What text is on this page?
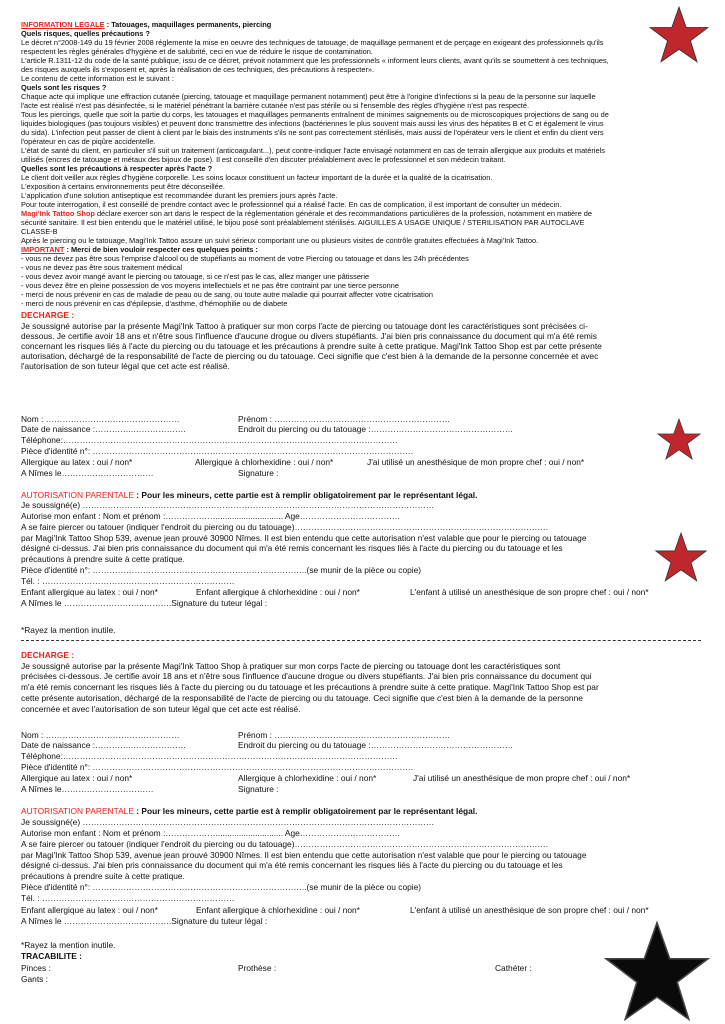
INFORMATION LEGALE : Tatouages, maquillages permanents, piercing
Quels risques, quelles précautions ?
Le décret n°2008-149 du 19 février 2008 réglemente la mise en oeuvre des techniques de tatouage, de maquillage permanent et de perçage en exigeant des professionnels qu'ils
respectent les règles générales d'hygiène et de salubrité, ceci en vue de réduire le risque de contamination.
L'article R.1311-12 du code de la santé publique, issu de ce décret, prévoit notamment que les professionnels « informent leurs clients, avant qu'ils se soumettent à ces techniques,
des risques auxquels ils s'exposent et, après la réalisation de ces techniques, des précautions à respecter».
Le contenu de cette information est le suivant :
Quels sont les risques ?
Chaque acte qui implique une effraction cutanée (piercing, tatouage et maquillage permanent notamment) peut être à l'origine d'infections si la peau de la personne sur laquelle
l'acte est réalisé n'est pas désinfectée, si le matériel pénétrant la barrière cutanée n'est pas stérile ou si l'ensemble des règles d'hygiène n'est pas respecté.
Tous les piercings, quelle que soit la partie du corps, les tatouages et maquillages permanents entraînent de minimes saignements ou de microscopiques projections de sang ou de
liquides biologiques (pas toujours visibles) et peuvent donc transmettre des infections (bactériennes le plus souvent mais aussi les virus des hépatites B et C et également le virus
du sida). L'infection peut passer de client à client par le biais des instruments s'ils ne sont pas correctement stérilisés, mais aussi de l'opérateur vers le client et enfin du client vers
l'opérateur en cas de piqûre accidentelle.
L'état de santé du client, en particulier s'il suit un traitement (anticoagulant...), peut contre-indiquer l'acte envisagé notamment en cas de terrain allergique aux produits et matériels
utilisés (encres de tatouage et métaux des bijoux de pose). Il est conseillé d'en discuter préalablement avec le professionnel et son médecin traitant.
Quelles sont les précautions à respecter après l'acte ?
Le client doit veiller aux règles d'hygiène corporelle. Les soins locaux constituent un facteur important de la durée et la qualité de la cicatrisation.
L'exposition à certains environnements peut être déconseillée.
L'application d'une solution antiseptique est recommandée durant les premiers jours après l'acte.
Pour toute interrogation, il est conseillé de prendre contact avec le professionnel qui a réalisé l'acte. En cas de complication, il est important de consulter un médecin.
Magi'Ink Tattoo Shop déclare exercer son art dans le respect de la réglementation générale et des recommandations particulières de la profession, notamment en matière de
sécurité sanitaire. Il est bien entendu que le matériel utilisé, le bijou posé sont préalablement stérilisés. AIGUILLES A USAGE UNIQUE / STERILISATION PAR AUTOCLAVE
CLASSE-B
Après le piercing ou le tatouage, Magi'Ink Tattoo assure un suivi sérieux comportant une ou plusieurs visites de contrôle gratuites effectuées à Magi'Ink Tattoo.
IMPORTANT : Merci de bien vouloir respecter ces quelques points :
- vous ne devez pas être sous l'emprise d'alcool ou de stupéfiants au moment de votre Piercing ou tatouage et dans les 24h précédentes
- vous ne devez pas être sous traitement médical
- vous devez avoir mangé avant le piercing ou tatouage, si ce n'est pas le cas, allez manger une pâtisserie
- vous devez être en pleine possession de vos moyens intellectuels et ne pas être contraint par une tierce personne
- merci de nous prévenir en cas de maladie de peau ou de sang, ou toute autre maladie qui pourrait affecter votre cicatrisation
- merci de nous prévenir en cas d'épilepsie, d'asthme, d'hémophilie ou de diabete
DECHARGE :
Je soussigné autorise par la présente Magi'Ink Tattoo à pratiquer sur mon corps l'acte de piercing ou tatouage dont les caractéristiques sont précisées ci-
dessous. Je certifie avoir 18 ans et n'être sous l'influence d'aucune drogue ou divers stupéfiants. J'ai bien pris connaissance du document qui m'a été remis
concernant les risques liés à l'acte du piercing ou du tatouage et les précautions à prendre suite à cette pratique. Magi'Ink Tattoo Shop est par cette présente
autorisation, déchargé de la responsabilité de l'acte de piercing ou du tatouage. Ceci signifie que c'est bien à la demande de la personne concernée et avec
l'autorisation de son tuteur légal que cet acte est réalisé.
Nom : …………………………………………	Prénom : ………………………………………………………
Date de naissance :…………..……………….	Endroit du piercing ou du tatouage :……………………………………………
Téléphone:…………………………………………………………………………………………………………
Pièce d'identité n°: …………………………………………………………………………………………………….
Allergique au latex : oui / non*	Allergique à chlorhexidine : oui / non*	J'ai utilisé un anesthésique de mon propre chef : oui / non*
A Nîmes le……………………………	Signature :
AUTORISATION PARENTALE : Pour les mineurs, cette partie est à remplir obligatoirement par le représentant légal.
Je soussigné(e) ………………………………………………………………………………………………………………
Autorise mon enfant : Nom et prénom :………………............................. Age………………………………
A se faire piercer ou tatouer (indiquer l'endroit du piercing ou du tatouage)……………………………………………………………………………….
par Magi'Ink Tattoo Shop 539, avenue jean prouvé 30900 Nîmes. Il est bien entendu que cette autorisation n'est valable que pour le piercing ou tatouage
désigné ci-dessus. J'ai bien pris connaissance du document qui m'a été remis concernant les risques liés à l'acte du piercing ou du tatouage et les
précautions à prendre suite à cette pratique.
Pièce d'identité n°: …………………………………………………………………..(se munir de la pièce ou copie)
Tél. : ……………………………………………………………
Enfant allergique au latex : oui / non*	Enfant allergique à chlorhexidine : oui / non*	L'enfant à utilisé un anesthésique de son propre chef : oui / non*
A Nîmes le ………………………..……….Signature du tuteur légal :
*Rayez la mention inutile.
DECHARGE :
Je soussigné autorise par la présente Magi'Ink Tattoo Shop à pratiquer sur mon corps l'acte de piercing ou tatouage dont les caractéristiques sont
précisées ci-dessous. Je certifie avoir 18 ans et n'être sous l'influence d'aucune drogue ou divers stupéfiants. J'ai bien pris connaissance du document qui
m'a été remis concernant les risques liés à l'acte du piercing ou du tatouage et les précautions à prendre suite à cette pratique. Magi'Ink Tattoo Shop est par
cette présente autorisation, déchargé de la responsabilité de l'acte de piercing ou du tatouage. Ceci signifie que c'est bien à la demande de la personne
concernée et avec l'autorisation de son tuteur légal que cet acte est réalisé.
Nom : …………………………………………	Prénom : ………………………………………………………
Date de naissance :…………..……………….	Endroit du piercing ou du tatouage :……………………………………………
Téléphone:…………………………………………………………………………………………………………
Pièce d'identité n°: …………………………………………………………………………………………………….
Allergique au latex : oui / non*	Allergique à chlorhexidine : oui / non*	J'ai utilisé un anesthésique de mon propre chef : oui / non*
A Nîmes le……………………………	Signature :
AUTORISATION PARENTALE : Pour les mineurs, cette partie est à remplir obligatoirement par le représentant légal.
Je soussigné(e) ………………………………………………………………………………………………………………
Autorise mon enfant : Nom et prénom :………………............................. Age………………………………
A se faire piercer ou tatouer (indiquer l'endroit du piercing ou du tatouage)……………………………………………………………………………….
par Magi'Ink Tattoo Shop 539, avenue jean prouvé 30900 Nîmes. Il est bien entendu que cette autorisation n'est valable que pour le piercing ou tatouage
désigné ci-dessus. J'ai bien pris connaissance du document qui m'a été remis concernant les risques liés à l'acte du piercing ou du tatouage et les
précautions à prendre suite à cette pratique.
Pièce d'identité n°: …………………………………………………………………..(se munir de la pièce ou copie)
Tél. : ……………………………………………………………
Enfant allergique au latex : oui / non*	Enfant allergique à chlorhexidine : oui / non*	L'enfant à utilisé un anesthésique de son propre chef : oui / non*
A Nîmes le ………………………..……….Signature du tuteur légal :
*Rayez la mention inutile.
TRACABILITE :
Pinces :	Prothèse :	Cathéter :
Gants :
